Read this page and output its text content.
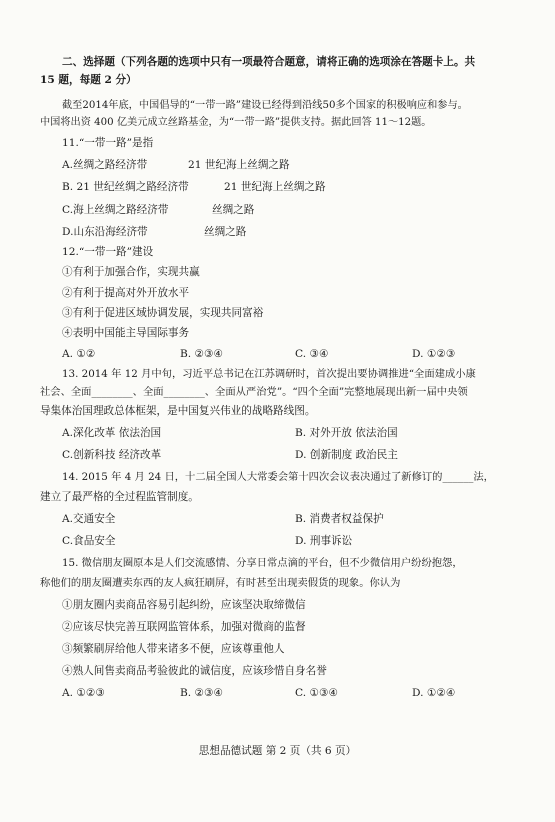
二、选择题（下列各题的选项中只有一项最符合题意，请将正确的选项涂在答题卡上。共
15 题，每题 2 分）
截至2014年底，中国倡导的“一带一路”建设已经得到沿线50多个国家的积极响应和参与。
中国将出资 400 亿美元成立丝路基金，为“一带一路”提供支持。据此回答 11～12题。
11.“一带一路”是指
A.丝绸之路经济带	21 世纪海上丝绸之路
B. 21 世纪丝绸之路经济带	21 世纪海上丝绸之路
C.海上丝绸之路经济带	丝绸之路
D.山东沿海经济带	丝绸之路
12.“一带一路”建设
①有利于加强合作，实现共赢
②有利于提高对外开放水平
③有利于促进区域协调发展，实现共同富裕
④表明中国能主导国际事务
A. ①②	B. ②③④	C. ③④	D. ①②③
13. 2014 年 12 月中旬，习近平总书记在江苏调研时，首次提出要协调推进“全面建成小康
社会、全面________、全面________、全面从严治党”。“四个全面”完整地展现出新一届中央领
导集体治国理政总体框架，是中国复兴伟业的战略路线图。
A.深化改革 依法治国	B. 对外开放 依法治国
C.创新科技 经济改革	D. 创新制度 政治民主
14. 2015 年 4 月 24 日，十二届全国人大常委会第十四次会议表决通过了新修订的______法，
建立了最严格的全过程监管制度。
A.交通安全	B. 消费者权益保护
C.食品安全	D. 刑事诉讼
15. 微信朋友圈原本是人们交流感情、分享日常点滴的平台，但不少微信用户纷纷抱怨，
称他们的朋友圈遭卖东西的友人疯狂刷屏，有时甚至出现卖假货的现象。你认为
①朋友圈内卖商品容易引起纠纷，应该坚决取缔微信
②应该尽快完善互联网监管体系，加强对微商的监督
③频繁刷屏给他人带来诸多不便，应该尊重他人
④熟人间售卖商品考验彼此的诚信度，应该珍惜自身名誉
A. ①②③	B. ②③④	C. ①③④	D. ①②④
思想品德试题 第 2 页（共 6 页）
